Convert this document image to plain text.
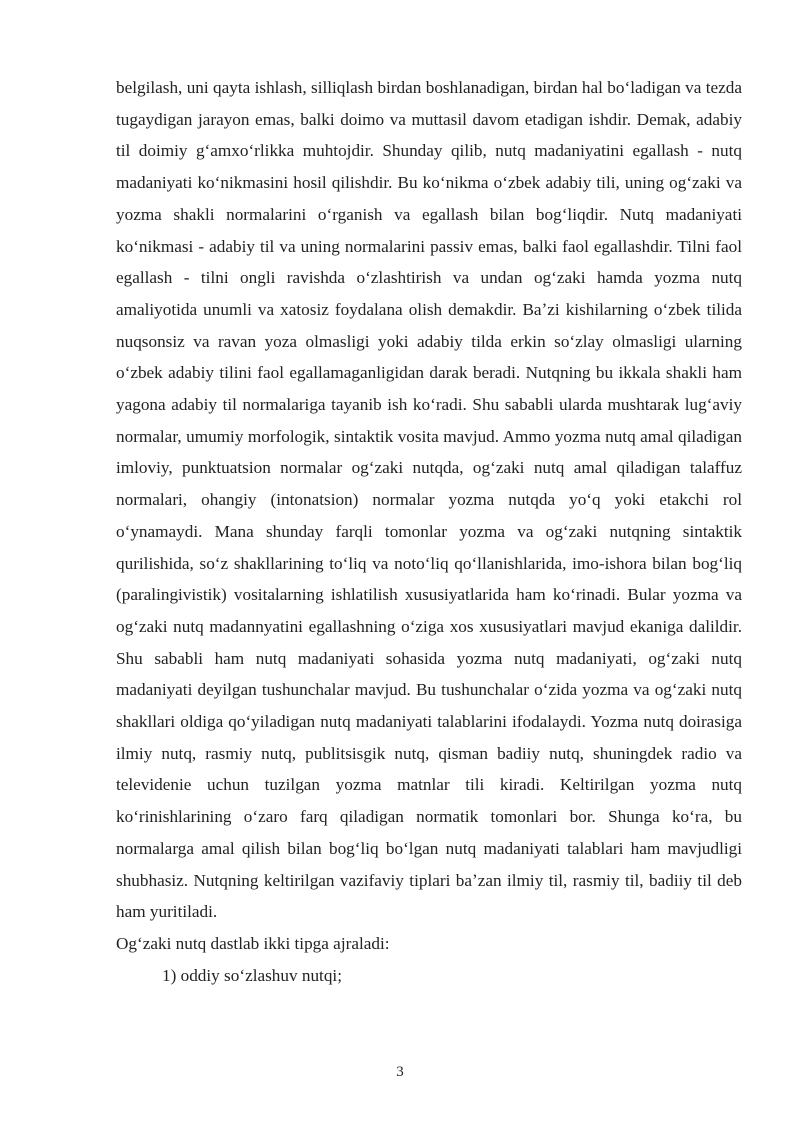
belgilash, uni qayta ishlash, silliqlash birdan boshlanadigan, birdan hal boʻladigan va tezda tugaydigan jarayon emas, balki doimo va muttasil davom etadigan ishdir. Demak, adabiy til doimiy gʻamxoʻrlikka muhtojdir. Shunday qilib, nutq madaniyatini egallash - nutq madaniyati koʻnikmasini hosil qilishdir. Bu koʻnikma oʻzbek adabiy tili, uning ogʻzaki va yozma shakli normalarini oʻrganish va egallash bilan bogʻliqdir. Nutq madaniyati koʻnikmasi - adabiy til va uning normalarini passiv emas, balki faol egallashdir. Tilni faol egallash - tilni ongli ravishda oʻzlashtirish va undan ogʻzaki hamda yozma nutq amaliyotida unumli va xatosiz foydalana olish demakdir. Baʼzi kishilarning oʻzbek tilida nuqsonsiz va ravan yoza olmasligi yoki adabiy tilda erkin soʻzlay olmasligi ularning oʻzbek adabiy tilini faol egallamaganligidan darak beradi. Nutqning bu ikkala shakli ham yagona adabiy til normalariga tayanib ish koʻradi. Shu sababli ularda mushtarak lugʻaviy normalar, umumiy morfologik, sintaktik vosita mavjud. Ammo yozma nutq amal qiladigan imloviy, punktuatsion normalar ogʻzaki nutqda, ogʻzaki nutq amal qiladigan talaffuz normalari, ohangiy (intonatsion) normalar yozma nutqda yoʻq yoki etakchi rol oʻynamaydi. Mana shunday farqli tomonlar yozma va ogʻzaki nutqning sintaktik qurilishida, soʻz shakllarining toʻliq va notoʻliq qoʻllanishlarida, imo-ishora bilan bogʻliq (paralingivistik) vositalarning ishlatilish xususiyatlarida ham koʻrinadi. Bular yozma va ogʻzaki nutq madannyatini egallashning oʻziga xos xususiyatlari mavjud ekaniga dalildir. Shu sababli ham nutq madaniyati sohasida yozma nutq madaniyati, ogʻzaki nutq madaniyati deyilgan tushunchalar mavjud. Bu tushunchalar oʻzida yozma va ogʻzaki nutq shakllari oldiga qoʻyiladigan nutq madaniyati talablarini ifodalaydi. Yozma nutq doirasiga ilmiy nutq, rasmiy nutq, publitsisgik nutq, qisman badiiy nutq, shuningdek radio va televidenie uchun tuzilgan yozma matnlar tili kiradi. Keltirilgan yozma nutq koʻrinishlarining oʻzaro farq qiladigan normatik tomonlari bor. Shunga koʻra, bu normalarga amal qilish bilan bogʻliq boʻlgan nutq madaniyati talablari ham mavjudligi shubhasiz. Nutqning keltirilgan vazifaviy tiplari baʼzan ilmiy til, rasmiy til, badiiy til deb ham yuritiladi.

Ogʻzaki nutq dastlab ikki tipga ajraladi:

1) oddiy soʻzlashuv nutqi;

3
